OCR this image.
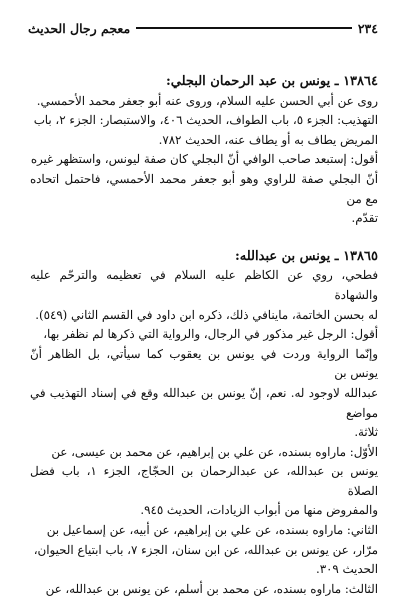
٢٣٤
معجم رجال الحديث

١٣٨٦٤ ـ يونس بن عبد الرحمان البجلي:

روى عن أبي الحسن عليه السلام، وروى عنه أبو جعفر محمد الأحمسي.

التهذيب: الجزء ٥، باب الطواف، الحديث ٤٠٦، والاستبصار: الجزء ٢، باب

المريض يطاف به أو يطاف عنه، الحديث ٧٨٢.

أقول: إستبعد صاحب الوافي أنّ البجلي كان صفة ليونس، واستظهر غيره

أنّ البجلي صفة للراوي وهو أبو جعفر محمد الأحمسي، فاحتمل اتحاده مع من

تقدّم.

١٣٨٦٥ ـ يونس بن عبدالله:

فطحي، روي عن الكاظم عليه السلام في تعظيمه والترحّم عليه والشهادة

له بحسن الخاتمة، ماينافي ذلك، ذكره ابن داود في القسم الثاني (٥٤٩).

أقول: الرجل غير مذكور في الرجال، والرواية التي ذكرها لم نظفر بها،

وإنّما الرواية وردت في يونس بن يعقوب كما سيأتي، بل الظاهر أنّ يونس بن

عبدالله لاوجود له. نعم، إنّ يونس بن عبدالله وقع في إسناد التهذيب في مواضع

ثلاثة.

الأوّل: ماراوه بسنده، عن علي بن إبراهيم، عن محمد بن عيسى، عن

يونس بن عبدالله، عن عبدالرحمان بن الحجّاج، الجزء ١، باب فضل الصلاة

والمفروض منها من أبواب الزيادات، الحديث ٩٤٥.

الثاني: ماراوه بسنده، عن علي بن إبراهيم، عن أبيه، عن إسماعيل بن

مرّار، عن يونس بن عبدالله، عن ابن سنان، الجزء ٧، باب ابتياع الحيوان،

الحديث ٣٠٩.

الثالث: ماراوه بسنده، عن محمد بن أسلم، عن يونس بن عبدالله، عن
